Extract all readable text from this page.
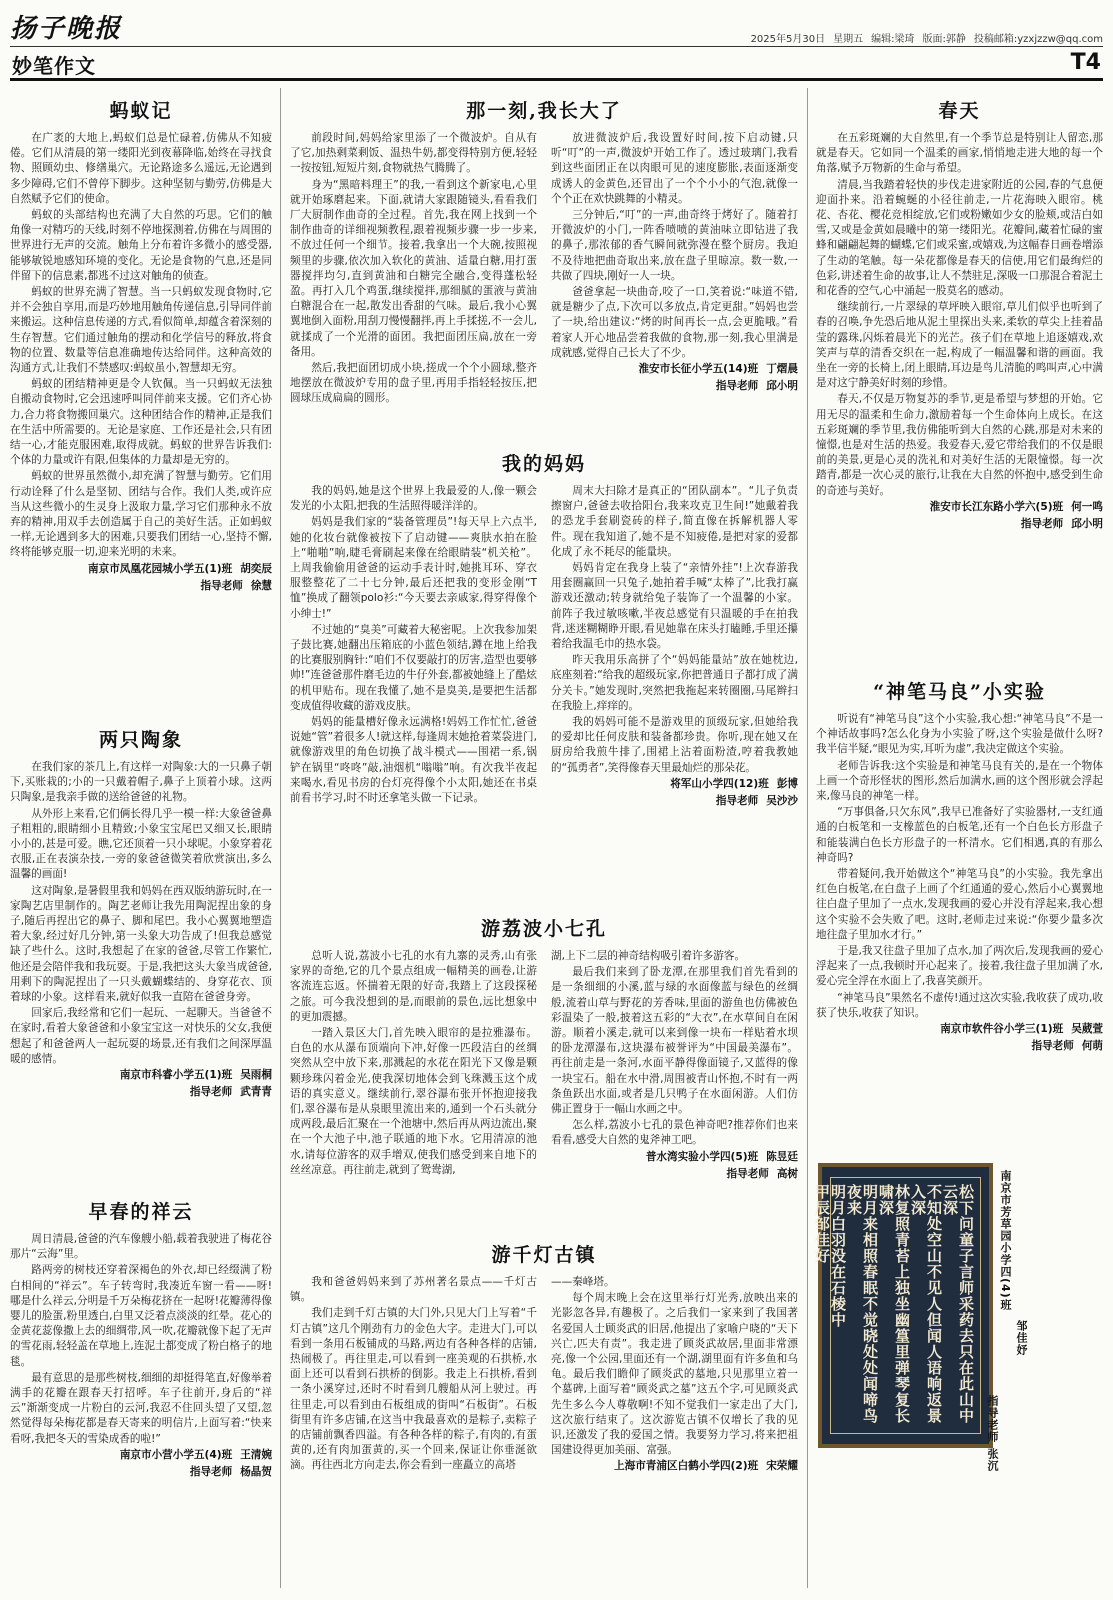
扬子晚报	2025年5月30日 星期五 编辑:梁琦 版面:郭静 投稿邮箱:yzxjzzw@qq.com
妙笔作文	T4
蚂蚁记

在广袤的大地上,蚂蚁们总是忙碌着,仿佛从不知疲倦。它们从清晨的第一缕阳光到夜幕降临,始终在寻找食物、照顾幼虫、修缮巢穴。无论路途多么遥远,无论遇到多少障碍,它们不曾停下脚步。这种坚韧与勤劳,仿佛是大自然赋予它们的使命。

蚂蚁的头部结构也充满了大自然的巧思。它们的触角像一对精巧的天线,时刻不停地探测着,仿佛在与周围的世界进行无声的交流。触角上分布着许多微小的感受器,能够敏锐地感知环境的变化。无论是食物的气息,还是同伴留下的信息素,都逃不过这对触角的侦查。

蚂蚁的世界充满了智慧。当一只蚂蚁发现食物时,它并不会独自享用,而是巧妙地用触角传递信息,引导同伴前来搬运。这种信息传递的方式,看似简单,却蕴含着深刻的生存智慧。它们通过触角的摆动和化学信号的释放,将食物的位置、数量等信息准确地传达给同伴。这种高效的沟通方式,让我们不禁感叹:蚂蚁虽小,智慧却无穷。

蚂蚁的团结精神更是令人钦佩。当一只蚂蚁无法独自搬动食物时,它会迅速呼叫同伴前来支援。它们齐心协力,合力将食物搬回巢穴。这种团结合作的精神,正是我们在生活中所需要的。无论是家庭、工作还是社会,只有团结一心,才能克服困难,取得成就。蚂蚁的世界告诉我们:个体的力量或许有限,但集体的力量却是无穷的。

蚂蚁的世界虽然微小,却充满了智慧与勤劳。它们用行动诠释了什么是坚韧、团结与合作。我们人类,或许应当从这些微小的生灵身上汲取力量,学习它们那种永不放弃的精神,用双手去创造属于自己的美好生活。正如蚂蚁一样,无论遇到多大的困难,只要我们团结一心,坚持不懈,终将能够克服一切,迎来光明的未来。

南京市凤凰花园城小学五(1)班 胡奕辰
指导老师 徐慧
两只陶象

在我们家的茶几上,有这样一对陶象:大的一只鼻子朝下,买账栽的;小的一只戴着帽子,鼻子上顶着小球。这两只陶象,是我亲手做的送给爸爸的礼物。

从外形上来看,它们俩长得几乎一模一样:大象爸爸鼻子粗粗的,眼睛细小且精致;小象宝宝尾巴又细又长,眼睛小小的,甚是可爱。瞧,它还顶着一只小球呢。小象穿着花衣服,正在表演杂技,一旁的象爸爸微笑着欣赏演出,多么温馨的画面!

这对陶象,是暑假里我和妈妈在西双版纳游玩时,在一家陶艺店里制作的。陶艺老师让我先用陶泥捏出象的身子,随后再捏出它的鼻子、脚和尾巴。我小心翼翼地塑造着大象,经过好几分钟,第一头象大功告成了!但我总感觉缺了些什么。这时,我想起了在家的爸爸,尽管工作繁忙,他还是会陪伴我和我玩耍。于是,我把这头大象当成爸爸,用剩下的陶泥捏出了一只头戴蝴蝶结的、身穿花衣、顶着球的小象。这样看来,就好似我一直陪在爸爸身旁。

回家后,我经常和它们一起玩、一起聊天。当爸爸不在家时,看着大象爸爸和小象宝宝这一对快乐的父女,我便想起了和爸爸两人一起玩耍的场景,还有我们之间深厚温暖的感情。

南京市科睿小学五(1)班 吴雨桐
指导老师 武青青
早春的祥云

周日清晨,爸爸的汽车像艘小船,载着我驶进了梅花谷那片“云海”里。

路两旁的树枝还穿着深褐色的外衣,却已经缀满了粉白相间的“祥云”。车子转弯时,我凑近车窗一看——呀!哪是什么祥云,分明是千万朵梅花挤在一起呀!花瓣薄得像婴儿的脸蛋,粉里透白,白里又泛着点淡淡的红晕。花心的金黄花蕊像撒上去的细绸带,风一吹,花瓣就像下起了无声的雪花雨,轻轻盖在草地上,连泥土都变成了粉白格子的地毯。

最有意思的是那些树枝,细细的却挺得笔直,好像举着满手的花瓣在跟春天打招呼。车子往前开,身后的“祥云”渐渐变成一片粉白的云河,我忍不住回头望了又望,忽然觉得每朵梅花都是春天寄来的明信片,上面写着:“快来看呀,我把冬天的雪染成香的啦!”

南京市小营小学五(4)班 王清婉
指导老师 杨晶贺
那一刻,我长大了

前段时间,妈妈给家里添了一个微波炉。自从有了它,加热剩菜剩饭、温热牛奶,都变得特别方便,轻轻一按按钮,短短片刻,食物就热气腾腾了。

身为“黑暗料理王”的我,一看到这个新家电,心里就开始琢磨起来。下面,就请大家跟随镜头,看看我们厂大厨制作曲奇的全过程。首先,我在网上找到一个制作曲奇的详细视频教程,跟着视频步骤一步一步来,不放过任何一个细节。接着,我拿出一个大碗,按照视频里的步骤,依次加入软化的黄油、适量白糖,用打蛋器搅拌均匀,直到黄油和白糖完全融合,变得蓬松轻盈。再打入几个鸡蛋,继续搅拌,那细腻的蛋液与黄油白糖混合在一起,散发出香甜的气味。最后,我小心翼翼地倒入面粉,用刮刀慢慢翻拌,再上手揉搓,不一会儿,就揉成了一个光滑的面团。我把面团压扁,放在一旁备用。

然后,我把面团切成小块,搓成一个个小圆球,整齐地摆放在微波炉专用的盘子里,再用手指轻轻按压,把圆球压成扁扁的圆形。

放进微波炉后,我设置好时间,按下启动键,只听“叮”的一声,微波炉开始工作了。透过玻璃门,我看到这些面团正在以肉眼可见的速度膨胀,表面逐渐变成诱人的金黄色,还冒出了一个个小小的气泡,就像一个个正在欢快跳舞的小精灵。

三分钟后,“叮”的一声,曲奇终于烤好了。随着打开微波炉的小门,一阵香喷喷的黄油味立即钻进了我的鼻子,那浓郁的香气瞬间就弥漫在整个厨房。我迫不及待地把曲奇取出来,放在盘子里晾凉。数一数,一共做了四块,刚好一人一块。

爸爸拿起一块曲奇,咬了一口,笑着说:“味道不错,就是糖少了点,下次可以多放点,肯定更甜。”妈妈也尝了一块,给出建议:“烤的时间再长一点,会更脆哦。”看着家人开心地品尝着我做的食物,那一刻,我心里满是成就感,觉得自己长大了不少。

淮安市长征小学五(14)班 丁熠晨
指导老师 邱小明
我的妈妈

我的妈妈,她是这个世界上我最爱的人,像一颗会发光的小太阳,把我的生活照得暖洋洋的。

妈妈是我们家的“装备管理员”!每天早上六点半,她的化妆台就像被按下了启动键——爽肤水拍在脸上“啪啪”响,睫毛膏刷起来像在给眼睛装“机关枪”。上周我偷偷用爸爸的运动手表计时,她挑耳环、穿衣服整整花了二十七分钟,最后还把我的变形金刚“T恤”换成了翻领polo衫:“今天要去亲戚家,得穿得像个小绅士!”

不过她的“臭美”可藏着大秘密呢。上次我参加架子鼓比赛,她翻出压箱底的小蓝色领结,蹲在地上给我的比赛服别胸针:“咱们不仅要敲打的厉害,造型也要够帅!”连爸爸那件磨毛边的牛仔外套,都被她缝上了酷炫的机甲贴布。现在我懂了,她不是臭美,是要把生活都变成值得收藏的游戏皮肤。

妈妈的能量槽好像永远满格!妈妈工作忙忙,爸爸说她“管”着很多人!就这样,每逢周末她抢着菜袋进门,就像游戏里的角色切换了战斗模式——围裙一系,锅铲在锅里“咚咚”敲,油烟机“嗡嗡”响。有次我半夜起来喝水,看见书房的台灯亮得像个小太阳,她还在书桌前看书学习,时不时还拿笔头做一下记录。

周末大扫除才是真正的“团队副本”。“儿子负责擦窗户,爸爸去收拾阳台,我来攻克卫生间!”她戴着我的恐龙手套刷瓷砖的样子,简直像在拆解机器人零件。现在我知道了,她不是不知疲倦,是把对家的爱都化成了永不耗尽的能量块。

妈妈肯定在我身上装了“亲情外挂”!上次春游我用套圈赢回一只兔子,她拍着手喊“太棒了”,比我打赢游戏还激动;转身就给兔子装饰了一个温馨的小家。前阵子我过敏咳嗽,半夜总感觉有只温暖的手在拍我背,迷迷糊糊睁开眼,看见她靠在床头打瞌睡,手里还攥着给我温毛巾的热水袋。

昨天我用乐高拼了个“妈妈能量站”放在她枕边,底座刻着:“给我的超级玩家,你把普通日子都打成了满分关卡。”她发现时,突然把我拖起来转圈圈,马尾辫扫在我脸上,痒痒的。

我的妈妈可能不是游戏里的顶级玩家,但她给我的爱却比任何皮肤和装备都珍贵。你听,现在她又在厨房给我煎牛排了,围裙上沾着面粉渣,哼着我教她的“孤勇者”,笑得像春天里最灿烂的那朵花。

将军山小学四(12)班 彭博
指导老师 吴沙沙
游荔波小七孔

总听人说,荔波小七孔的水有九寨的灵秀,山有张家界的奇绝,它的几个景点组成一幅精美的画卷,让游客流连忘返。怀揣着无限的好奇,我踏上了这段探秘之旅。可今我没想到的是,而眼前的景色,远比想象中的更加震撼。

一踏入景区大门,首先映入眼帘的是拉雅瀑布。白色的水从瀑布顶端向下冲,好像一匹段洁白的丝绸突然从空中放下来,那溅起的水花在阳光下又像是颗颗珍珠闪着金光,使我深切地体会到飞珠溅玉这个成语的真实意义。继续前行,翠谷瀑布张开怀抱迎接我们,翠谷瀑布是从泉眼里流出来的,通到一个石头就分成两段,最后汇聚在一个池塘中,然后再从两边流出,聚在一个大池子中,池子联通的地下水。它用清凉的池水,请每位游客的双手增双,使我们感受到来自地下的丝丝凉意。再往前走,就到了鸳鸯湖,

湖,上下二层的神奇结构吸引着许多游客。

最后我们来到了卧龙潭,在那里我们首先看到的是一条细细的小溪,蓝与绿的水面像蓝与绿色的丝绸般,流着山草与野花的芳香味,里面的游鱼也仿佛被色彩温染了一般,披着这五彩的“大衣”,在水草间自在闲游。顺着小溪走,就可以来到像一块布一样贴着水坝的卧龙潭瀑布,这块瀑布被誉评为“中国最美瀑布”。再往前走是一条河,水面平静得像面镜子,又蓝得的像一块宝石。船在水中滑,周围被青山怀抱,不时有一两条鱼跃出水面,或者是几只鸭子在水面闲游。人们仿佛正置身于一幅山水画之中。

怎么样,荔波小七孔的景色神奇吧?推荐你们也来看看,感受大自然的鬼斧神工吧。

普水湾实验小学四(5)班 陈昱廷
指导老师 高树
游千灯古镇

我和爸爸妈妈来到了苏州著名景点——千灯古镇。

我们走到千灯古镇的大门外,只见大门上写着“千灯古镇”这几个刚劲有力的金色大字。走进大门,可以看到一条用石板铺成的马路,两边有各种各样的店铺,热闹极了。再往里走,可以看到一座美观的石拱桥,水面上还可以看到石拱桥的倒影。我走上石拱桥,看到一条小溪穿过,还时不时看到几艘船从河上驶过。再往里走,可以看到由石板组成的街叫“石板街”。石板街里有许多店铺,在这当中我最喜欢的是粽子,卖粽子的店铺前飘香四溢。有各种各样的粽子,有肉的,有蛋黄的,还有肉加蛋黄的,买一个回来,保证让你垂涎欲滴。再往西北方向走去,你会看到一座矗立的高塔

——秦峰塔。

每个周末晚上会在这里举行灯光秀,放映出来的光影忽各异,有趣极了。之后我们一家来到了我国著名爱国人士顾炎武的旧居,他提出了家喻户晓的“天下兴亡,匹夫有责”。我走进了顾炎武故居,里面非常漂亮,像一个公园,里面还有一个湖,湖里面有许多鱼和乌龟。最后我们瞻仰了顾炎武的墓地,只见那里立着一个墓碑,上面写着“顾炎武之墓”这五个字,可见顾炎武先生多么今人尊敬啊!不知不觉我们一家走出了大门,这次旅行结束了。这次游览古镇不仅增长了我的见识,还激发了我的爱国之情。我要努力学习,将来把祖国建设得更加美丽、富强。

上海市青浦区白鹤小学四(2)班 宋荣耀
春天

在五彩斑斓的大自然里,有一个季节总是特别让人留恋,那就是春天。它如同一个温柔的画家,悄悄地走进大地的每一个角落,赋予万物新的生命与希望。

清晨,当我踏着轻快的步伐走进家附近的公园,春的气息便迎面扑来。沿着蜿蜒的小径往前走,一片花海映入眼帘。桃花、杏花、樱花竞相绽放,它们或粉嫩如少女的脸颊,或洁白如雪,又或是金黄如晨曦中的第一缕阳光。花瓣间,藏着忙碌的蜜蜂和翩翩起舞的蝴蝶,它们或采蜜,或嬉戏,为这幅春日画卷增添了生动的笔触。每一朵花都像是春天的信使,用它们最绚烂的色彩,讲述着生命的故事,让人不禁驻足,深吸一口那混合着泥土和花香的空气,心中涌起一股莫名的感动。

继续前行,一片翠绿的草坪映入眼帘,草儿们似乎也听到了春的召唤,争先恐后地从泥土里探出头来,柔软的草尖上挂着晶莹的露珠,闪烁着晨光下的光芒。孩子们在草地上追逐嬉戏,欢笑声与草的清香交织在一起,构成了一幅温馨和谐的画面。我坐在一旁的长椅上,闭上眼睛,耳边是鸟儿清脆的鸣叫声,心中满是对这宁静美好时刻的珍惜。

春天,不仅是万物复苏的季节,更是希望与梦想的开始。它用无尽的温柔和生命力,激励着每一个生命体向上成长。在这五彩斑斓的季节里,我仿佛能听到大自然的心跳,那是对未来的憧憬,也是对生活的热爱。我爱春天,爱它带给我们的不仅是眼前的美景,更是心灵的洗礼和对美好生活的无限憧憬。每一次踏青,都是一次心灵的旅行,让我在大自然的怀抱中,感受到生命的奇迹与美好。

淮安市长江东路小学六(5)班 何一鸣
指导老师 邱小明
“神笔马良”小实验

听说有“神笔马良”这个小实验,我心想:“神笔马良”不是一个神话故事吗?怎么化身为小实验了呀,这个实验是做什么呀?我半信半疑,“眼见为实,耳听为虚”,我决定做这个实验。

老师告诉我:这个实验是和神笔马良有关的,是在一个物体上画一个奇形怪状的图形,然后加满水,画的这个图形就会浮起来,像马良的神笔一样。

“万事俱备,只欠东风”,我早已准备好了实验器材,一支红通通的白板笔和一支橡蓝色的白板笔,还有一个白色长方形盘子和能装满白色长方形盘子的一杯清水。它们相遇,真的有那么神奇吗?

带着疑问,我开始做这个“神笔马良”的小实验。我先拿出红色白板笔,在白盘子上画了个红通通的爱心,然后小心翼翼地往白盘子里加了一点水,发现我画的爱心并没有浮起来,我心想这个实验不会失败了吧。这时,老师走过来说:“你要少量多次地往盘子里加水才行。”

于是,我又往盘子里加了点水,加了两次后,发现我画的爱心浮起来了一点,我顿时开心起来了。接着,我往盘子里加满了水,爱心完全浮在水面上了,我喜笑颜开。

“神笔马良”果然名不虚传!通过这次实验,我收获了成功,收获了快乐,收获了知识。

南京市软件谷小学三(1)班 吴葳萱
指导老师 何萌
松下问童子言师采药去只在此山中云深
不知处空山不见人但闻人语响返景入深
林复照青苔上独坐幽篁里弹琴复长啸深
明月来相照春眠不觉晓处处闻啼鸟夜来
明月白羽没在石棱中
甲辰邹佳好	南京市芳草园小学四(4)班
邹佳妤
指导老师 张沉
